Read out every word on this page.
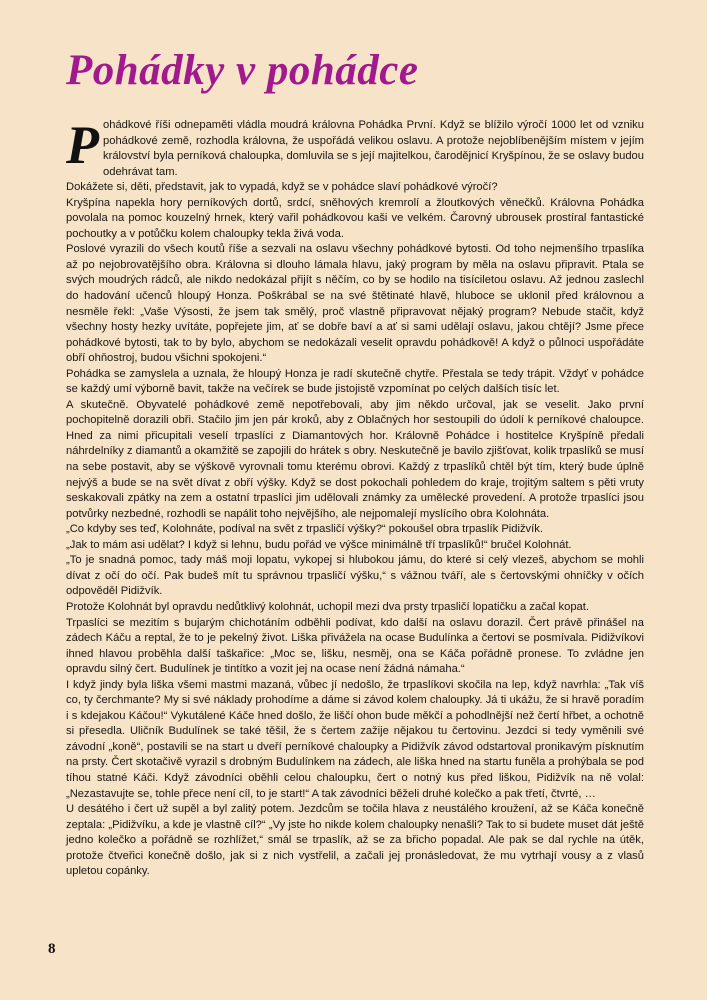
Pohádky v pohádce

Pohádkové říši odnepaměti vládla moudrá královna Pohádka První. Když se blížilo výročí 1000 let od vzniku pohádkové země, rozhodla královna, že uspořádá velikou oslavu. A protože nejoblíbenějším místem v jejím království byla perníková chaloupka, domluvila se s její majitelkou, čarodějnicí Kryšpínou, že se oslavy budou odehrávat tam.

Dokážete si, děti, představit, jak to vypadá, když se v pohádce slaví pohádkové výročí?

Kryšpína napekla hory perníkových dortů, srdcí, sněhových kremrolí a žloutkových věnečků. Královna Pohádka povolala na pomoc kouzelný hrnek, který vařil pohádkovou kaši ve velkém. Čarovný ubrousek prostíral fantastické pochoutky a v potůčku kolem chaloupky tekla živá voda.

Poslové vyrazili do všech koutů říše a sezvali na oslavu všechny pohádkové bytosti. Od toho nejmenšího trpaslíka až po nejobrovatějšího obra. Královna si dlouho lámala hlavu, jaký program by měla na oslavu připravit. Ptala se svých moudrých rádců, ale nikdo nedokázal přijít s něčím, co by se hodilo na tisíciletou oslavu. Až jednou zaslechl do hadování učenců hloupý Honza. Poškrábal se na své štětinaté hlavě, hluboce se uklonil před královnou a nesměle řekl: „Vaše Výsosti, že jsem tak smělý, proč vlastně připravovat nějaký program? Nebude stačit, když všechny hosty hezky uvítáte, popřejete jim, ať se dobře baví a ať si sami udělají oslavu, jakou chtějí? Jsme přece pohádkové bytosti, tak to by bylo, abychom se nedokázali veselit opravdu pohádkově! A když o půlnoci uspořádáte obří ohňostroj, budou všichni spokojeni.“

Pohádka se zamyslela a uznala, že hloupý Honza je radí skutečně chytře. Přestala se tedy trápit. Vždyť v pohádce se každý umí výborně bavit, takže na večírek se bude jistojistě vzpomínat po celých dalších tisíc let.

A skutečně. Obyvatelé pohádkové země nepotřebovali, aby jim někdo určoval, jak se veselit. Jako první pochopitelně dorazili obři. Stačilo jim jen pár kroků, aby z Oblačných hor sestoupili do údolí k perníkové chaloupce. Hned za nimi přicupitali veselí trpaslíci z Diamantových hor. Královně Pohádce i hostitelce Kryšpíně předali náhrdelníky z diamantů a okamžitě se zapojili do hrátek s obry. Neskutečně je bavilo zjišťovat, kolik trpaslíků se musí na sebe postavit, aby se výškově vyrovnali tomu kterému obrovi. Každý z trpaslíků chtěl být tím, který bude úplně nejvýš a bude se na svět dívat z obří výšky. Když se dost pokochali pohledem do kraje, trojitým saltem s pěti vruty seskakovali zpátky na zem a ostatní trpaslíci jim udělovali známky za umělecké provedení. A protože trpaslíci jsou potvůrky nezbedné, rozhodli se napálit toho nejvějšího, ale nejpomalejí myslícího obra Kolohnáta.

„Co kdyby ses teď, Kolohnáte, podíval na svět z trpasličí výšky?“ pokoušel obra trpaslík Pidižvík.

„Jak to mám asi udělat? I když si lehnu, budu pořád ve výšce minimálně tří trpaslíků!“ bručel Kolohnát.

„To je snadná pomoc, tady máš moji lopatu, vykopej si hlubokou jámu, do které si celý vlezeš, abychom se mohli dívat z očí do očí. Pak budeš mít tu správnou trpasličí výšku,“ s vážnou tváří, ale s čertovskými ohníčky v očích odpověděl Pidižvík.

Protože Kolohnát byl opravdu nedůtklivý kolohnát, uchopil mezi dva prsty trpasličí lopatičku a začal kopat.

Trpaslíci se mezitím s bujarým chichotáním odběhli podívat, kdo další na oslavu dorazil. Čert právě přinášel na zádech Káču a reptal, že to je pekelný život. Liška přivážela na ocase Budulínka a čertovi se posmívala. Pidižvíkovi ihned hlavou proběhla další taškařice: „Moc se, lišku, nesměj, ona se Káča pořádně pronese. To zvládne jen opravdu silný čert. Budulínek je tintítko a vozit jej na ocase není žádná námaha.“

I když jindy byla liška všemi mastmi mazaná, vůbec jí nedošlo, že trpaslíkovi skočila na lep, když navrhla: „Tak víš co, ty čerchmante? My si své náklady prohodíme a dáme si závod kolem chaloupky. Já ti ukážu, že si hravě poradím i s kdejakou Káčou!“ Vykutálené Káče hned došlo, že liščí ohon bude měkčí a pohodlnější než čertí hřbet, a ochotně si přesedla. Uličník Budulínek se také těšil, že s čertem zažije nějakou tu čertovinu. Jezdci si tedy vyměnili své závodní „koně“, postavili se na start u dveří perníkové chaloupky a Pidižvík závod odstartoval pronikavým písknutím na prsty. Čert skotačivě vyrazil s drobným Budulínkem na zádech, ale liška hned na startu funěla a prohýbala se pod tíhou statné Káči. Když závodníci oběhli celou chaloupku, čert o notný kus před liškou, Pidižvík na ně volal: „Nezastavujte se, tohle přece není cíl, to je start!“ A tak závodníci běželi druhé kolečko a pak třetí, čtvrté, …

U desátého i čert už supěl a byl zalitý potem. Jezdcům se točila hlava z neustálého kroužení, až se Káča konečně zeptala: „Pidižvíku, a kde je vlastně cíl?“ „Vy jste ho nikde kolem chaloupky nenašli? Tak to si budete muset dát ještě jedno kolečko a pořádně se rozhlížet,“ smál se trpaslík, až se za břicho popadal. Ale pak se dal rychle na útěk, protože čtveřici konečně došlo, jak si z nich vystřelil, a začali jej pronásledovat, že mu vytrhají vousy a z vlasů upletou copánky.

8
